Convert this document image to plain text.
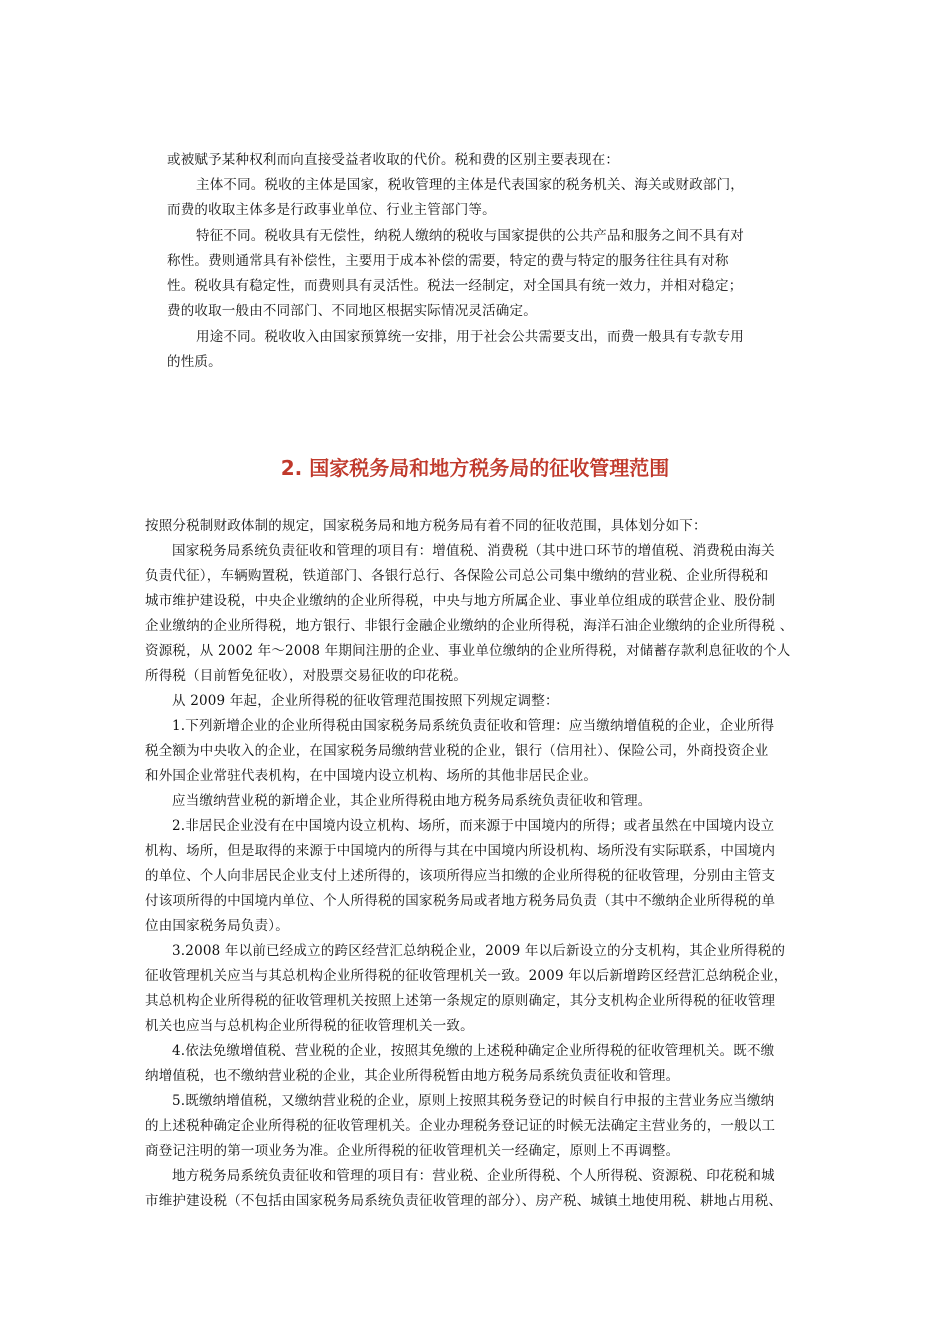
或被赋予某种权利而向直接受益者收取的代价。税和费的区别主要表现在：
主体不同。税收的主体是国家，税收管理的主体是代表国家的税务机关、海关或财政部门，
而费的收取主体多是行政事业单位、行业主管部门等。
特征不同。税收具有无偿性，纳税人缴纳的税收与国家提供的公共产品和服务之间不具有对
称性。费则通常具有补偿性，主要用于成本补偿的需要，特定的费与特定的服务往往具有对称
性。税收具有稳定性，而费则具有灵活性。税法一经制定，对全国具有统一效力，并相对稳定；
费的收取一般由不同部门、不同地区根据实际情况灵活确定。
用途不同。税收收入由国家预算统一安排，用于社会公共需要支出，而费一般具有专款专用
的性质。
2. 国家税务局和地方税务局的征收管理范围
按照分税制财政体制的规定，国家税务局和地方税务局有着不同的征收范围，具体划分如下：
国家税务局系统负责征收和管理的项目有：增值税、消费税（其中进口环节的增值税、消费税由海关
负责代征），车辆购置税，铁道部门、各银行总行、各保险公司总公司集中缴纳的营业税、企业所得税和
城市维护建设税，中央企业缴纳的企业所得税，中央与地方所属企业、事业单位组成的联营企业、股份制
企业缴纳的企业所得税，地方银行、非银行金融企业缴纳的企业所得税，海洋石油企业缴纳的企业所得税 、
资源税，从 2002 年～2008 年期间注册的企业、事业单位缴纳的企业所得税，对储蓄存款利息征收的个人
所得税（目前暂免征收），对股票交易征收的印花税。
从 2009 年起，企业所得税的征收管理范围按照下列规定调整：
1.下列新增企业的企业所得税由国家税务局系统负责征收和管理：应当缴纳增值税的企业，企业所得
税全额为中央收入的企业，在国家税务局缴纳营业税的企业，银行（信用社）、保险公司，外商投资企业
和外国企业常驻代表机构，在中国境内设立机构、场所的其他非居民企业。
应当缴纳营业税的新增企业，其企业所得税由地方税务局系统负责征收和管理。
2.非居民企业没有在中国境内设立机构、场所，而来源于中国境内的所得；或者虽然在中国境内设立
机构、场所，但是取得的来源于中国境内的所得与其在中国境内所设机构、场所没有实际联系，中国境内
的单位、个人向非居民企业支付上述所得的，该项所得应当扣缴的企业所得税的征收管理，分别由主管支
付该项所得的中国境内单位、个人所得税的国家税务局或者地方税务局负责（其中不缴纳企业所得税的单
位由国家税务局负责）。
3.2008 年以前已经成立的跨区经营汇总纳税企业，2009 年以后新设立的分支机构，其企业所得税的
征收管理机关应当与其总机构企业所得税的征收管理机关一致。2009 年以后新增跨区经营汇总纳税企业，
其总机构企业所得税的征收管理机关按照上述第一条规定的原则确定，其分支机构企业所得税的征收管理
机关也应当与总机构企业所得税的征收管理机关一致。
4.依法免缴增值税、营业税的企业，按照其免缴的上述税种确定企业所得税的征收管理机关。既不缴
纳增值税，也不缴纳营业税的企业，其企业所得税暂由地方税务局系统负责征收和管理。
5.既缴纳增值税，又缴纳营业税的企业，原则上按照其税务登记的时候自行申报的主营业务应当缴纳
的上述税种确定企业所得税的征收管理机关。企业办理税务登记证的时候无法确定主营业务的，一般以工
商登记注明的第一项业务为准。企业所得税的征收管理机关一经确定，原则上不再调整。
地方税务局系统负责征收和管理的项目有：营业税、企业所得税、个人所得税、资源税、印花税和城
市维护建设税（不包括由国家税务局系统负责征收管理的部分）、房产税、城镇土地使用税、耕地占用税、
